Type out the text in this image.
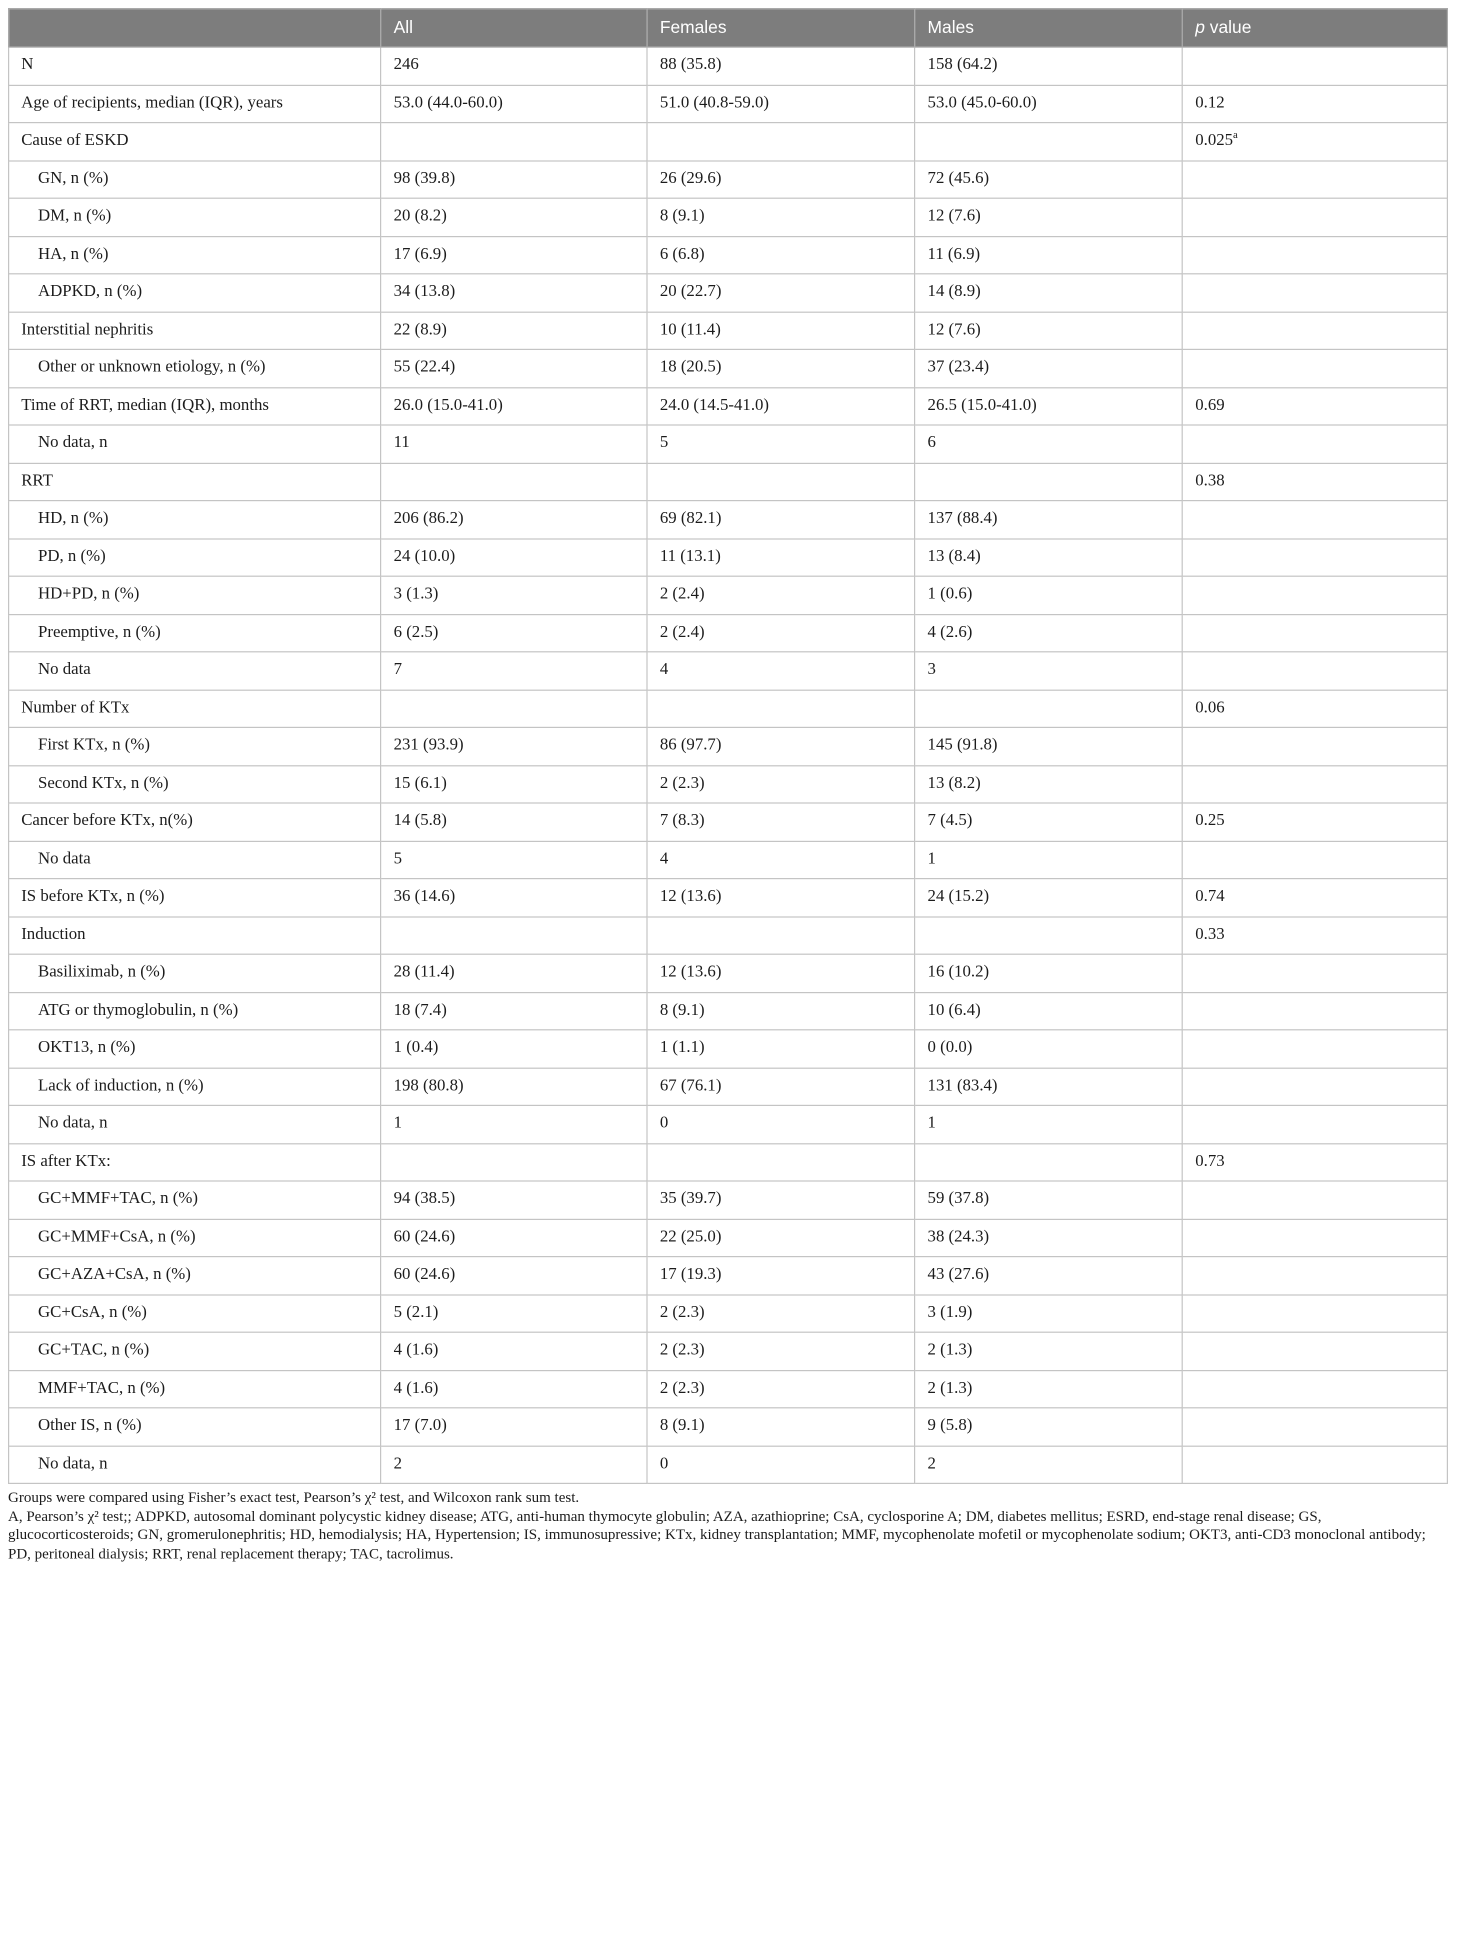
	All	Females	Males	p value
N	246	88 (35.8)	158 (64.2)	
Age of recipients, median (IQR), years	53.0 (44.0-60.0)	51.0 (40.8-59.0)	53.0 (45.0-60.0)	0.12
Cause of ESKD				0.025$^a$
GN, n (%)	98 (39.8)	26 (29.6)	72 (45.6)	
DM, n (%)	20 (8.2)	8 (9.1)	12 (7.6)	
HA, n (%)	17 (6.9)	6 (6.8)	11 (6.9)	
ADPKD, n (%)	34 (13.8)	20 (22.7)	14 (8.9)	
Interstitial nephritis	22 (8.9)	10 (11.4)	12 (7.6)	
Other or unknown etiology, n (%)	55 (22.4)	18 (20.5)	37 (23.4)	
Time of RRT, median (IQR), months	26.0 (15.0-41.0)	24.0 (14.5-41.0)	26.5 (15.0-41.0)	0.69
No data, n	11	5	6	
RRT				0.38
HD, n (%)	206 (86.2)	69 (82.1)	137 (88.4)	
PD, n (%)	24 (10.0)	11 (13.1)	13 (8.4)	
HD+PD, n (%)	3 (1.3)	2 (2.4)	1 (0.6)	
Preemptive, n (%)	6 (2.5)	2 (2.4)	4 (2.6)	
No data	7	4	3	
Number of KTx				0.06
First KTx, n (%)	231 (93.9)	86 (97.7)	145 (91.8)	
Second KTx, n (%)	15 (6.1)	2 (2.3)	13 (8.2)	
Cancer before KTx, n(%)	14 (5.8)	7 (8.3)	7 (4.5)	0.25
No data	5	4	1	
IS before KTx, n (%)	36 (14.6)	12 (13.6)	24 (15.2)	0.74
Induction				0.33
Basiliximab, n (%)	28 (11.4)	12 (13.6)	16 (10.2)	
ATG or thymoglobulin, n (%)	18 (7.4)	8 (9.1)	10 (6.4)	
OKT13, n (%)	1 (0.4)	1 (1.1)	0 (0.0)	
Lack of induction, n (%)	198 (80.8)	67 (76.1)	131 (83.4)	
No data, n	1	0	1	
IS after KTx:				0.73
GC+MMF+TAC, n (%)	94 (38.5)	35 (39.7)	59 (37.8)	
GC+MMF+CsA, n (%)	60 (24.6)	22 (25.0)	38 (24.3)	
GC+AZA+CsA, n (%)	60 (24.6)	17 (19.3)	43 (27.6)	
GC+CsA, n (%)	5 (2.1)	2 (2.3)	3 (1.9)	
GC+TAC, n (%)	4 (1.6)	2 (2.3)	2 (1.3)	
MMF+TAC, n (%)	4 (1.6)	2 (2.3)	2 (1.3)	
Other IS, n (%)	17 (7.0)	8 (9.1)	9 (5.8)	
No data, n	2	0	2	

Groups were compared using Fisher’s exact test, Pearson’s χ² test, and Wilcoxon rank sum test.

A, Pearson’s χ² test;; ADPKD, autosomal dominant polycystic kidney disease; ATG, anti-human thymocyte globulin; AZA, azathioprine; CsA, cyclosporine A; DM, diabetes mellitus; ESRD, end-stage renal disease; GS, glucocorticosteroids; GN, gromerulonephritis; HD, hemodialysis; HA, Hypertension; IS, immunosupressive; KTx, kidney transplantation; MMF, mycophenolate mofetil or mycophenolate sodium; OKT3, anti-CD3 monoclonal antibody; PD, peritoneal dialysis; RRT, renal replacement therapy; TAC, tacrolimus.
